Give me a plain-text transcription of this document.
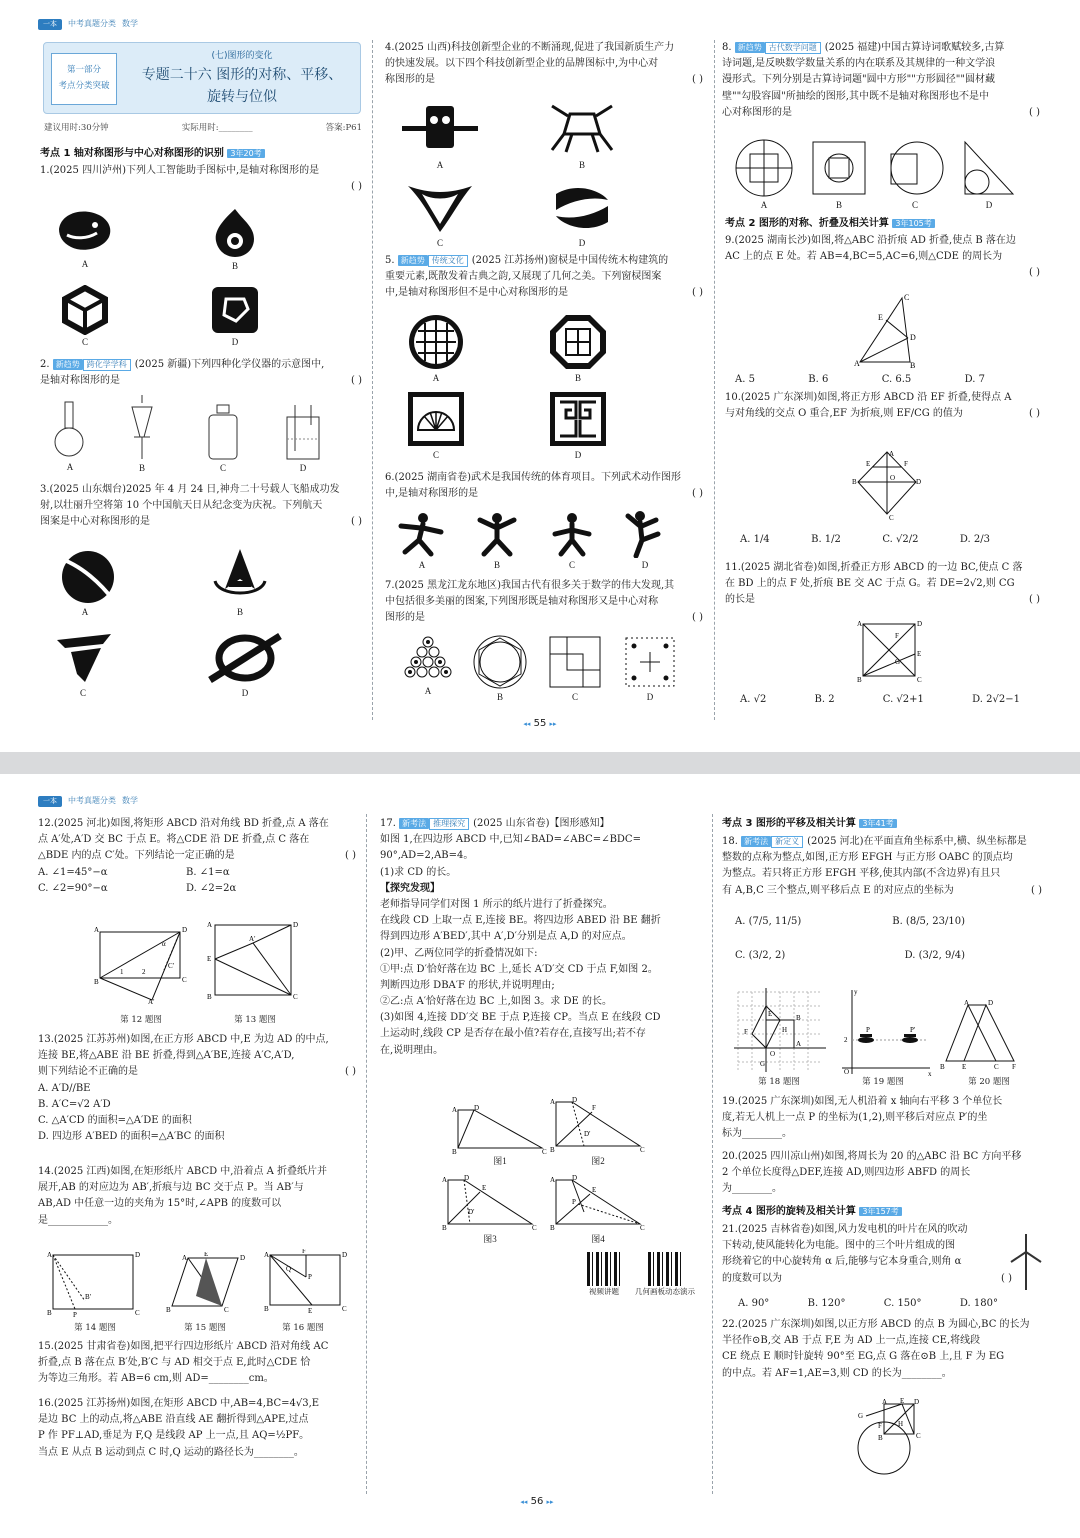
一本	中考真题分类 数学
第一部分
考点分类突破
(七)图形的变化
专题二十六 图形的对称、平移、
旋转与位似
建议用时:30分钟	实际用时:________	答案:P61
考点 1 轴对称图形与中心对称图形的识别 3年20考
1.(2025 四川泸州)下列人工智能助手图标中,是轴对称图形的是
( )

A	B
C	D
2. 新趋势 跨化学学科 (2025 新疆)下列四种化学仪器的示意图中,
是轴对称图形的是	( )
A	B	C	D
3.(2025 山东烟台)2025 年 4 月 24 日,神舟二十号载人飞船成功发
射,以壮丽升空将第 10 个中国航天日从纪念变为庆祝。下列航天
图案是中心对称图形的是	( )
A	B
C	D
4.(2025 山西)科技创新型企业的不断涌现,促进了我国新质生产力
的快速发展。以下四个科技创新型企业的品牌图标中,为中心对
称图形的是	( )
A	B
C	D
5. 新趋势 传统文化 (2025 江苏扬州)窗棂是中国传统木构建筑的
重要元素,既散发着古典之韵,又展现了几何之美。下列窗棂图案
中,是轴对称图形但不是中心对称图形的是	( )
A	B
C	D
6.(2025 湖南省卷)武术是我国传统的体育项目。下列武术动作图形
中,是轴对称图形的是	( )
A	B	C	D
7.(2025 黑龙江龙东地区)我国古代有很多关于数学的伟大发现,其
中包括很多美丽的图案,下列图形既是轴对称图形又是中心对称
图形的是	( )
A
B	C	D
8. 新趋势 古代数学问题 (2025 福建)中国古算诗词歌赋较多,古算
诗词题,是反映数学数量关系的内在联系及其规律的一种文学浪
漫形式。下列分别是古算诗词题"圆中方形""方形圆径""圆材藏
壁""勾股容圆"所抽绘的图形,其中既不是轴对称图形也不是中
心对称图形的是	( )
A	B	C	D
考点 2 图形的对称、折叠及相关计算 3年105考
9.(2025 湖南长沙)如图,将△ABC 沿折痕 AD 折叠,使点 B 落在边
AC 上的点 E 处。若 AB=4,BC=5,AC=6,则△CDE 的周长为
( )

A	B
C
D
E
A. 5	B. 6	C. 6.5	D. 7
10.(2025 广东深圳)如图,将正方形 ABCD 沿 EF 折叠,使得点 A
与对角线的交点 O 重合,EF 为折痕,则 EF/CG 的值为	( )
A
B
C
D
E	F
O
A. 1/4	B. 1/2	C. √2/2	D. 2/3
11.(2025 湖北省卷)如图,折叠正方形 ABCD 的一边 BC,使点 C 落
在 BD 上的点 F 处,折痕 BE 交 AC 于点 G。若 DE=2√2,则 CG
的长是	( )
A	D
B	C
E
F
G
A. √2	B. 2	C. √2+1	D. 2√2−1
◂◂ 55 ▸▸
一本	中考真题分类 数学
12.(2025 河北)如图,将矩形 ABCD 沿对角线 BD 折叠,点 A 落在
点 A′处,A′D 交 BC 于点 E。将△CDE 沿 DE 折叠,点 C 落在
△BDE 内的点 C′处。下列结论一定正确的是	( )
A. ∠1=45°−α	B. ∠1=α
C. ∠2=90°−α	D. ∠2=2α
A	D
B	C
A′
C′
1	2
α
A	D
E
B	C
A′
第 12 题图	第 13 题图
13.(2025 江苏苏州)如图,在正方形 ABCD 中,E 为边 AD 的中点,
连接 BE,将△ABE 沿 BE 折叠,得到△A′BE,连接 A′C,A′D,
则下列结论不正确的是	( )
A. A′D//BE
B. A′C=√2 A′D
C. △A′CD 的面积=△A′DE 的面积
D. 四边形 A′BED 的面积=△A′BC 的面积
14.(2025 江西)如图,在矩形纸片 ABCD 中,沿着点 A 折叠纸片并
展开,AB 的对应边为 AB′,折痕与边 BC 交于点 P。当 AB′与
AB,AD 中任意一边的夹角为 15°时,∠APB 的度数可以
是____________。
A	D
B	C
P
B′
A	D
B	C
E	A	D
B	C
E
P
F
Q
第 14 题图	第 15 题图	第 16 题图
15.(2025 甘肃省卷)如图,把平行四边形纸片 ABCD 沿对角线 AC
折叠,点 B 落在点 B′处,B′C 与 AD 相交于点 E,此时△CDE 恰
为等边三角形。若 AB=6 cm,则 AD=________cm。
16.(2025 江苏扬州)如图,在矩形 ABCD 中,AB=4,BC=4√3,E
是边 BC 上的动点,将△ABE 沿直线 AE 翻折得到△APE,过点
P 作 PF⊥AD,垂足为 F,Q 是线段 AP 上一点,且 AQ=½PF。
当点 E 从点 B 运动到点 C 时,Q 运动的路径长为________。
17. 新考法 推理探究 (2025 山东省卷)【图形感知】
如图 1,在四边形 ABCD 中,已知∠BAD=∠ABC=∠BDC=
90°,AD=2,AB=4。
(1)求 CD 的长。
【探究发现】
老师指导同学们对图 1 所示的纸片进行了折叠探究。
在线段 CD 上取一点 E,连接 BE。将四边形 ABED 沿 BE 翻折
得到四边形 A′BED′,其中 A′,D′分别是点 A,D 的对应点。
(2)甲、乙两位同学的折叠情况如下:
①甲:点 D′恰好落在边 BC 上,延长 A′D′交 CD 于点 F,如图 2。
判断四边形 DBA′F 的形状,并说明理由;
②乙:点 A′恰好落在边 BC 上,如图 3。求 DE 的长。
(3)如图 4,连接 DD′交 BE 于点 P,连接 CP。当点 E 在线段 CD
上运动时,线段 CP 是否存在最小值?若存在,直接写出;若不存
在,说明理由。
A D
B	C
图1
A D
F
B	C
D′
图2
A D
E
B	C
D′
图3
A D
E
B	C
P
图4
视频讲题	几何画板动态演示
考点 3 图形的平移及相关计算 3年41考
18. 新考法 新定义 (2025 河北)在平面直角坐标系中,横、纵坐标都是
整数的点称为整点,如图,正方形 EFGH 与正方形 OABC 的顶点均
为整点。若只将正方形 EFGH 平移,使其内部(不含边界)有且只
有 A,B,C 三个整点,则平移后点 E 的对应点的坐标为	( )
A. (7/5, 11/5)	B. (8/5, 23/10)
C. (3/2, 2)	D. (3/2, 9/4)
F
E	B
A
O
G
H
2
O	x
y
P	P′
A	D
B E	C F
第 18 题图	第 19 题图	第 20 题图
19.(2025 广东深圳)如图,无人机沿着 x 轴向右平移 3 个单位长
度,若无人机上一点 P 的坐标为(1,2),则平移后对应点 P′的坐
标为________。
20.(2025 四川凉山州)如图,将周长为 20 的△ABC 沿 BC 方向平移
2 个单位长度得△DEF,连接 AD,则四边形 ABFD 的周长
为________。
考点 4 图形的旋转及相关计算 3年157考
21.(2025 吉林省卷)如图,风力发电机的叶片在风的吹动
下转动,使风能转化为电能。图中的三个叶片组成的图
形绕着它的中心旋转角 α 后,能够与它本身重合,则角 α
的度数可以为	( )
A. 90°	B. 120°	C. 150°	D. 180°
22.(2025 广东深圳)如图,以正方形 ABCD 的点 B 为圆心,BC 的长为
半径作⊙B,交 AB 于点 F,E 为 AD 上一点,连接 CE,将线段
CE 绕点 E 顺时针旋转 90°至 EG,点 G 落在⊙B 上,且 F 为 EG
的中点。若 AF=1,AE=3,则 CD 的长为________。
G
A E D
C
F H
B
◂◂ 56 ▸▸
